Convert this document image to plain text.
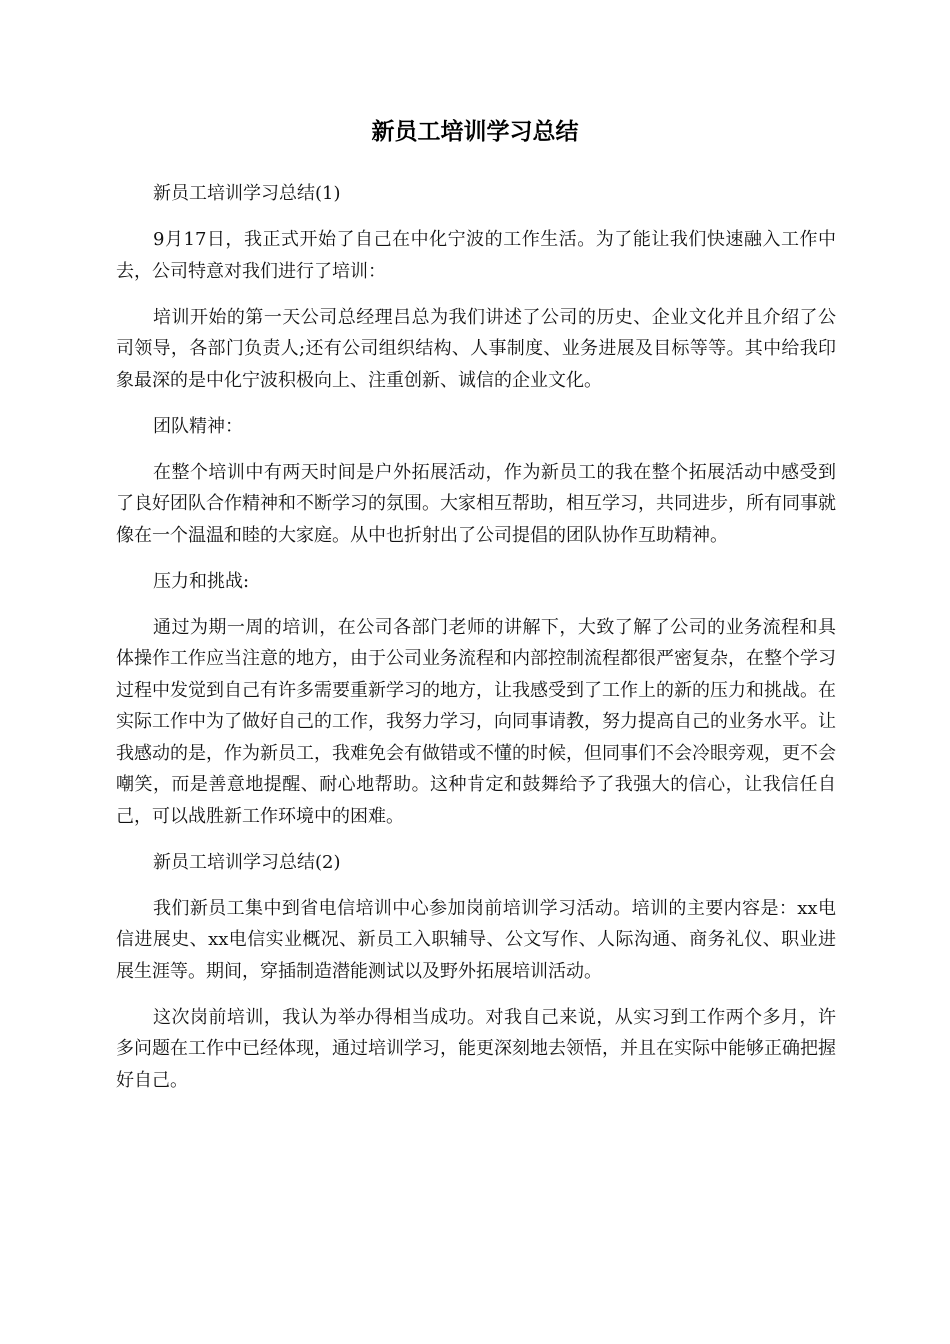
新员工培训学习总结

新员工培训学习总结(1)

9月17日，我正式开始了自己在中化宁波的工作生活。为了能让我们快速融入工作中去，公司特意对我们进行了培训：

培训开始的第一天公司总经理吕总为我们讲述了公司的历史、企业文化并且介绍了公司领导，各部门负责人;还有公司组织结构、人事制度、业务进展及目标等等。其中给我印象最深的是中化宁波积极向上、注重创新、诚信的企业文化。

团队精神：

在整个培训中有两天时间是户外拓展活动，作为新员工的我在整个拓展活动中感受到了良好团队合作精神和不断学习的氛围。大家相互帮助，相互学习，共同进步，所有同事就像在一个温温和睦的大家庭。从中也折射出了公司提倡的团队协作互助精神。

压力和挑战:

通过为期一周的培训，在公司各部门老师的讲解下，大致了解了公司的业务流程和具体操作工作应当注意的地方，由于公司业务流程和内部控制流程都很严密复杂，在整个学习过程中发觉到自己有许多需要重新学习的地方，让我感受到了工作上的新的压力和挑战。在实际工作中为了做好自己的工作，我努力学习，向同事请教，努力提高自己的业务水平。让我感动的是，作为新员工，我难免会有做错或不懂的时候，但同事们不会冷眼旁观，更不会嘲笑，而是善意地提醒、耐心地帮助。这种肯定和鼓舞给予了我强大的信心，让我信任自己，可以战胜新工作环境中的困难。

新员工培训学习总结(2)

我们新员工集中到省电信培训中心参加岗前培训学习活动。培训的主要内容是：xx电信进展史、xx电信实业概况、新员工入职辅导、公文写作、人际沟通、商务礼仪、职业进展生涯等。期间，穿插制造潜能测试以及野外拓展培训活动。

这次岗前培训，我认为举办得相当成功。对我自己来说，从实习到工作两个多月，许多问题在工作中已经体现，通过培训学习，能更深刻地去领悟，并且在实际中能够正确把握好自己。
